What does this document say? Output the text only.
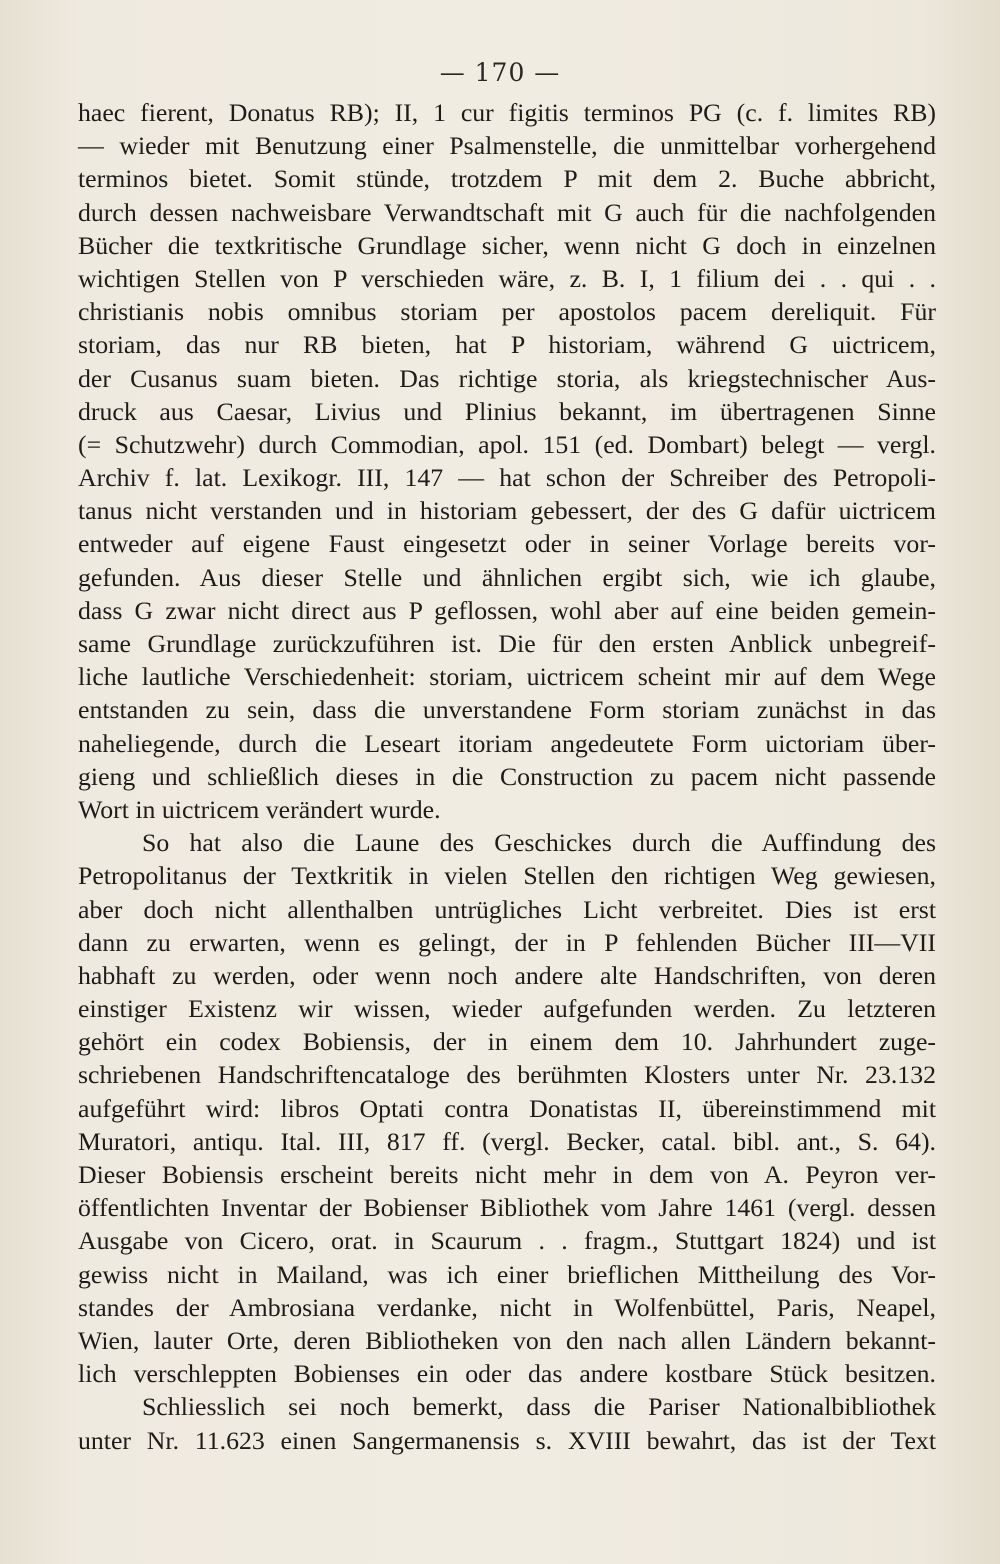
— 170 —
haec fierent, Donatus RB); II, 1 cur figitis terminos PG (c. f. limites RB)
— wieder mit Benutzung einer Psalmenstelle, die unmittelbar vorhergehend
terminos bietet. Somit stünde, trotzdem P mit dem 2. Buche abbricht,
durch dessen nachweisbare Verwandtschaft mit G auch für die nachfolgenden
Bücher die textkritische Grundlage sicher, wenn nicht G doch in einzelnen
wichtigen Stellen von P verschieden wäre, z. B. I, 1 filium dei . . qui . .
christianis nobis omnibus storiam per apostolos pacem dereliquit. Für
storiam, das nur RB bieten, hat P historiam, während G uictricem,
der Cusanus suam bieten. Das richtige storia, als kriegstechnischer Aus-
druck aus Caesar, Livius und Plinius bekannt, im übertragenen Sinne
(= Schutzwehr) durch Commodian, apol. 151 (ed. Dombart) belegt — vergl.
Archiv f. lat. Lexikogr. III, 147 — hat schon der Schreiber des Petropoli-
tanus nicht verstanden und in historiam gebessert, der des G dafür uictricem
entweder auf eigene Faust eingesetzt oder in seiner Vorlage bereits vor-
gefunden. Aus dieser Stelle und ähnlichen ergibt sich, wie ich glaube,
dass G zwar nicht direct aus P geflossen, wohl aber auf eine beiden gemein-
same Grundlage zurückzuführen ist. Die für den ersten Anblick unbegreif-
liche lautliche Verschiedenheit: storiam, uictricem scheint mir auf dem Wege
entstanden zu sein, dass die unverstandene Form storiam zunächst in das
naheliegende, durch die Leseart itoriam angedeutete Form uictoriam über-
gieng und schließlich dieses in die Construction zu pacem nicht passende
Wort in uictricem verändert wurde.
So hat also die Laune des Geschickes durch die Auffindung des
Petropolitanus der Textkritik in vielen Stellen den richtigen Weg gewiesen,
aber doch nicht allenthalben untrügliches Licht verbreitet. Dies ist erst
dann zu erwarten, wenn es gelingt, der in P fehlenden Bücher III—VII
habhaft zu werden, oder wenn noch andere alte Handschriften, von deren
einstiger Existenz wir wissen, wieder aufgefunden werden. Zu letzteren
gehört ein codex Bobiensis, der in einem dem 10. Jahrhundert zuge-
schriebenen Handschriftencataloge des berühmten Klosters unter Nr. 23.132
aufgeführt wird: libros Optati contra Donatistas II, übereinstimmend mit
Muratori, antiqu. Ital. III, 817 ff. (vergl. Becker, catal. bibl. ant., S. 64).
Dieser Bobiensis erscheint bereits nicht mehr in dem von A. Peyron ver-
öffentlichten Inventar der Bobienser Bibliothek vom Jahre 1461 (vergl. dessen
Ausgabe von Cicero, orat. in Scaurum . . fragm., Stuttgart 1824) und ist
gewiss nicht in Mailand, was ich einer brieflichen Mittheilung des Vor-
standes der Ambrosiana verdanke, nicht in Wolfenbüttel, Paris, Neapel,
Wien, lauter Orte, deren Bibliotheken von den nach allen Ländern bekannt-
lich verschleppten Bobienses ein oder das andere kostbare Stück besitzen.
Schliesslich sei noch bemerkt, dass die Pariser Nationalbibliothek
unter Nr. 11.623 einen Sangermanensis s. XVIII bewahrt, das ist der Text
